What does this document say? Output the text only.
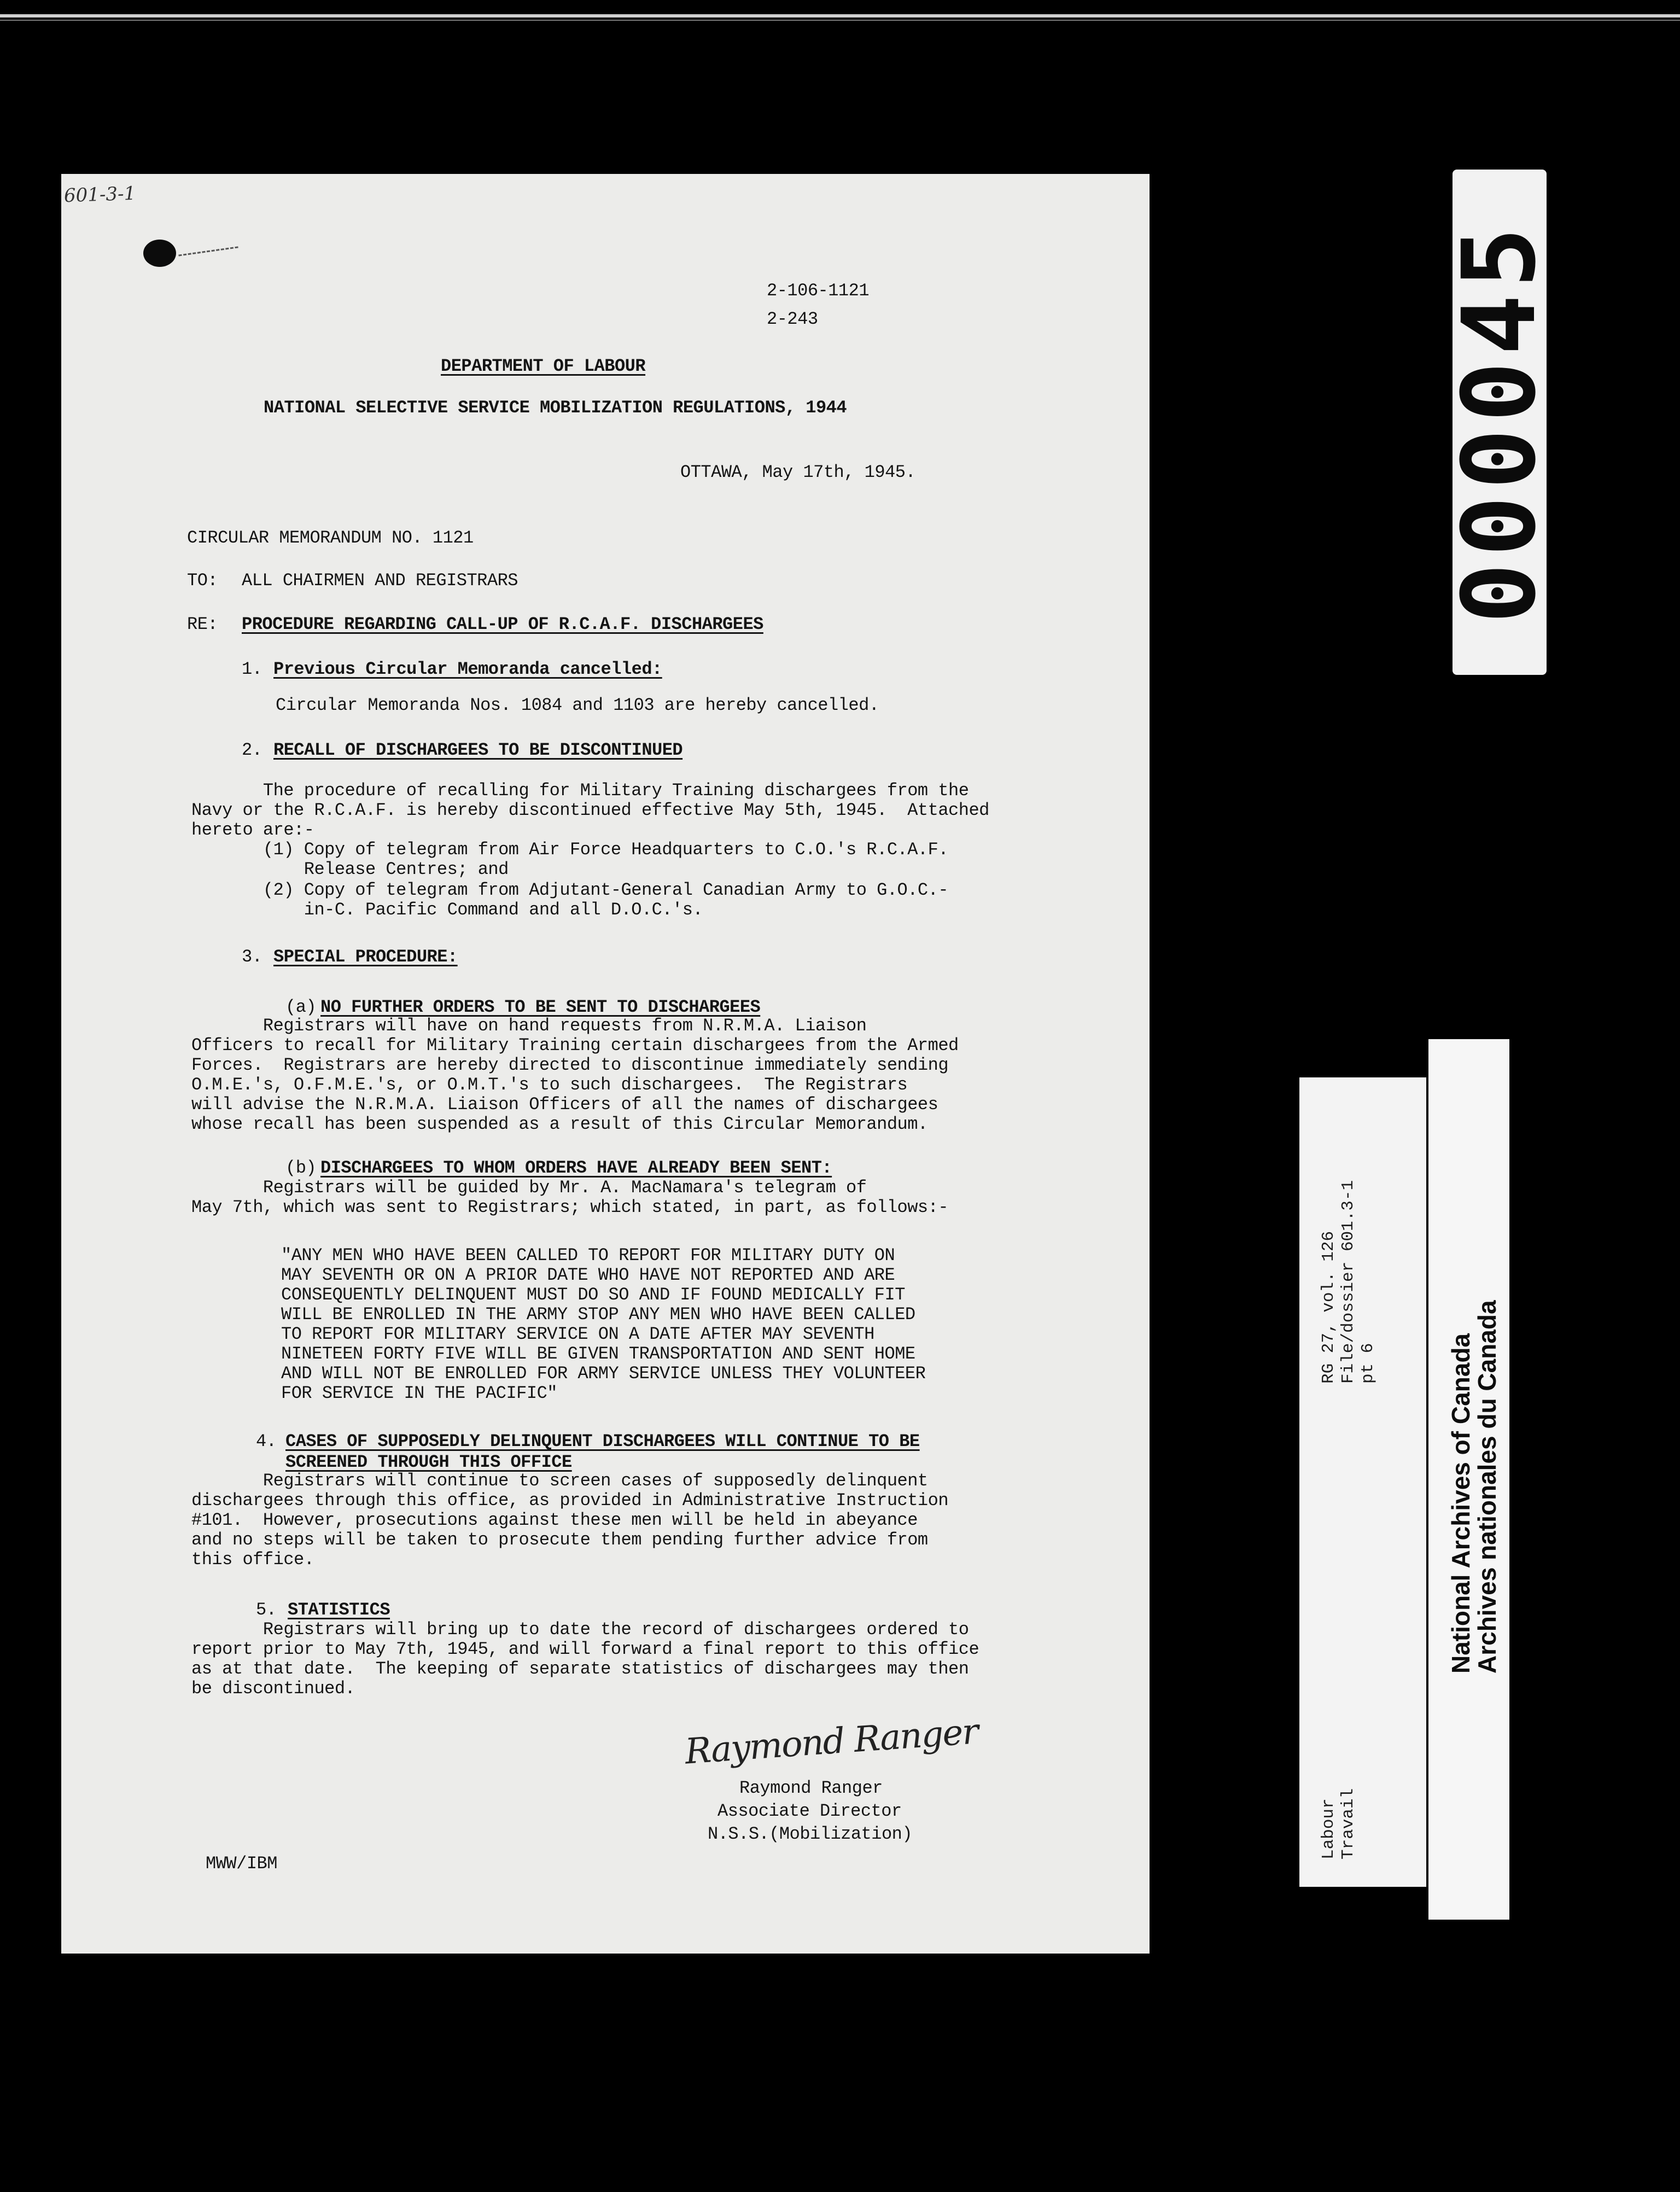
601-3-1
2-106-1121
2-243
DEPARTMENT OF LABOUR
NATIONAL SELECTIVE SERVICE MOBILIZATION REGULATIONS, 1944
OTTAWA, May 17th, 1945.
CIRCULAR MEMORANDUM NO. 1121
TO: ALL CHAIRMEN AND REGISTRARS
RE: PROCEDURE REGARDING CALL-UP OF R.C.A.F. DISCHARGEES
1. Previous Circular Memoranda cancelled:
Circular Memoranda Nos. 1084 and 1103 are hereby cancelled.
2. RECALL OF DISCHARGEES TO BE DISCONTINUED
The procedure of recalling for Military Training dischargees from the
Navy or the R.C.A.F. is hereby discontinued effective May 5th, 1945.  Attached
hereto are:-
(1) Copy of telegram from Air Force Headquarters to C.O.'s R.C.A.F.
Release Centres; and
(2) Copy of telegram from Adjutant-General Canadian Army to G.O.C.-
in-C. Pacific Command and all D.O.C.'s.
3. SPECIAL PROCEDURE:
(a) NO FURTHER ORDERS TO BE SENT TO DISCHARGEES
Registrars will have on hand requests from N.R.M.A. Liaison
Officers to recall for Military Training certain dischargees from the Armed
Forces.  Registrars are hereby directed to discontinue immediately sending
O.M.E.'s, O.F.M.E.'s, or O.M.T.'s to such dischargees.  The Registrars
will advise the N.R.M.A. Liaison Officers of all the names of dischargees
whose recall has been suspended as a result of this Circular Memorandum.
(b) DISCHARGEES TO WHOM ORDERS HAVE ALREADY BEEN SENT:
Registrars will be guided by Mr. A. MacNamara's telegram of
May 7th, which was sent to Registrars; which stated, in part, as follows:-
"ANY MEN WHO HAVE BEEN CALLED TO REPORT FOR MILITARY DUTY ON
MAY SEVENTH OR ON A PRIOR DATE WHO HAVE NOT REPORTED AND ARE
CONSEQUENTLY DELINQUENT MUST DO SO AND IF FOUND MEDICALLY FIT
WILL BE ENROLLED IN THE ARMY STOP ANY MEN WHO HAVE BEEN CALLED
TO REPORT FOR MILITARY SERVICE ON A DATE AFTER MAY SEVENTH
NINETEEN FORTY FIVE WILL BE GIVEN TRANSPORTATION AND SENT HOME
AND WILL NOT BE ENROLLED FOR ARMY SERVICE UNLESS THEY VOLUNTEER
FOR SERVICE IN THE PACIFIC"
4. CASES OF SUPPOSEDLY DELINQUENT DISCHARGEES WILL CONTINUE TO BE
SCREENED THROUGH THIS OFFICE
Registrars will continue to screen cases of supposedly delinquent
dischargees through this office, as provided in Administrative Instruction
#101.  However, prosecutions against these men will be held in abeyance
and no steps will be taken to prosecute them pending further advice from
this office.
5. STATISTICS
Registrars will bring up to date the record of dischargees ordered to
report prior to May 7th, 1945, and will forward a final report to this office
as at that date.  The keeping of separate statistics of dischargees may then
be discontinued.
Raymond Ranger
Raymond Ranger
Associate Director
N.S.S.(Mobilization)
MWW/IBM
000045
RG 27, vol. 126 File/dossier 601.3-1 pt 6
Labour Travail
National Archives of Canada
Archives nationales du Canada
